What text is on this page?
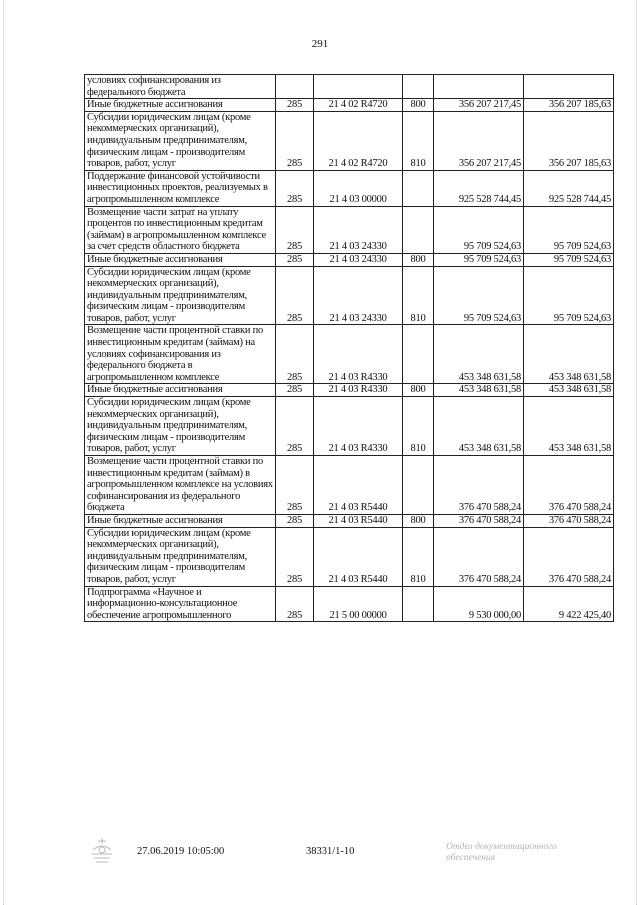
291
условиях софинансирования из федерального бюджета					
Иные бюджетные ассигнования	285	21 4 02 R4720	800	356 207 217,45	356 207 185,63
Субсидии юридическим лицам (кроме некоммерческих организаций), индивидуальным предпринимателям, физическим лицам - производителям товаров, работ, услуг	285	21 4 02 R4720	810	356 207 217,45	356 207 185,63
Поддержание финансовой устойчивости инвестиционных проектов, реализуемых в агропромышленном комплексе	285	21 4 03 00000		925 528 744,45	925 528 744,45
Возмещение части затрат на уплату процентов по инвестиционным кредитам (займам) в агропромышленном комплексе за счет средств областного бюджета	285	21 4 03 24330		95 709 524,63	95 709 524,63
Иные бюджетные ассигнования	285	21 4 03 24330	800	95 709 524,63	95 709 524,63
Субсидии юридическим лицам (кроме некоммерческих организаций), индивидуальным предпринимателям, физическим лицам - производителям товаров, работ, услуг	285	21 4 03 24330	810	95 709 524,63	95 709 524,63
Возмещение части процентной ставки по инвестиционным кредитам (займам) на условиях софинансирования из федерального бюджета в агропромышленном комплексе	285	21 4 03 R4330		453 348 631,58	453 348 631,58
Иные бюджетные ассигнования	285	21 4 03 R4330	800	453 348 631,58	453 348 631,58
Субсидии юридическим лицам (кроме некоммерческих организаций), индивидуальным предпринимателям, физическим лицам - производителям товаров, работ, услуг	285	21 4 03 R4330	810	453 348 631,58	453 348 631,58
Возмещение части процентной ставки по инвестиционным кредитам (займам) в агропромышленном комплексе на условиях софинансирования из федерального бюджета	285	21 4 03 R5440		376 470 588,24	376 470 588,24
Иные бюджетные ассигнования	285	21 4 03 R5440	800	376 470 588,24	376 470 588,24
Субсидии юридическим лицам (кроме некоммерческих организаций), индивидуальным предпринимателям, физическим лицам - производителям товаров, работ, услуг	285	21 4 03 R5440	810	376 470 588,24	376 470 588,24
Подпрограмма «Научное и информационно-консультационное обеспечение агропромышленного	285	21 5 00 00000		9 530 000,00	9 422 425,40
27.06.2019 10:05:00	38331/1-10	Отдел документационного обеспечения
